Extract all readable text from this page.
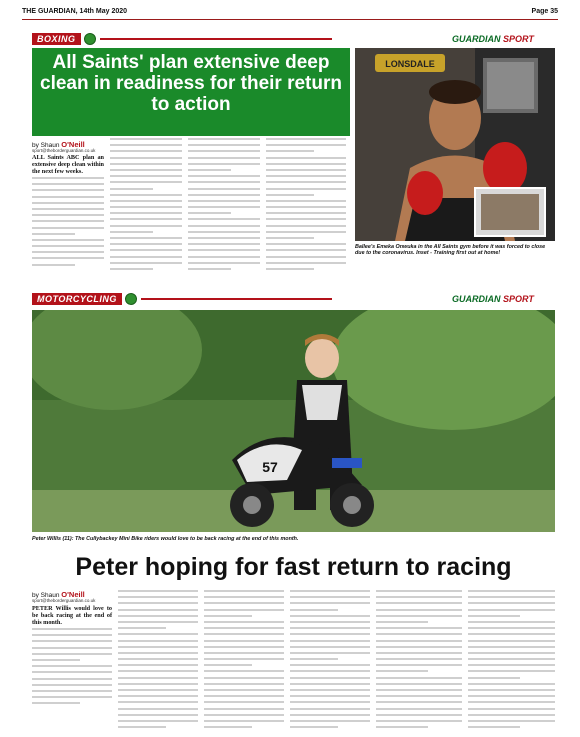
THE GUARDIAN, 14th May 2020	Page 35
BOXING	GUARDIAN SPORT
All Saints' plan extensive deep clean in readiness for their return to action
LONSDALE
Ballee's Emeka Onwuka in the All Saints gym before it was forced to close due to the coronavirus. Inset - Training first out at home!
by Shaun O'Neill
sport@theborderguardian.co.uk

ALL Saints ABC plan an extensive deep clean within the next few weeks.

MOTORCYCLING	GUARDIAN SPORT
57
Peter Willis (11): The Cullybackey Mini Bike riders would love to be back racing at the end of this month.
Peter hoping for fast return to racing
by Shaun O'Neill
sport@theborderguardian.co.uk

PETER Willis would love to be back racing at the end of this month.
